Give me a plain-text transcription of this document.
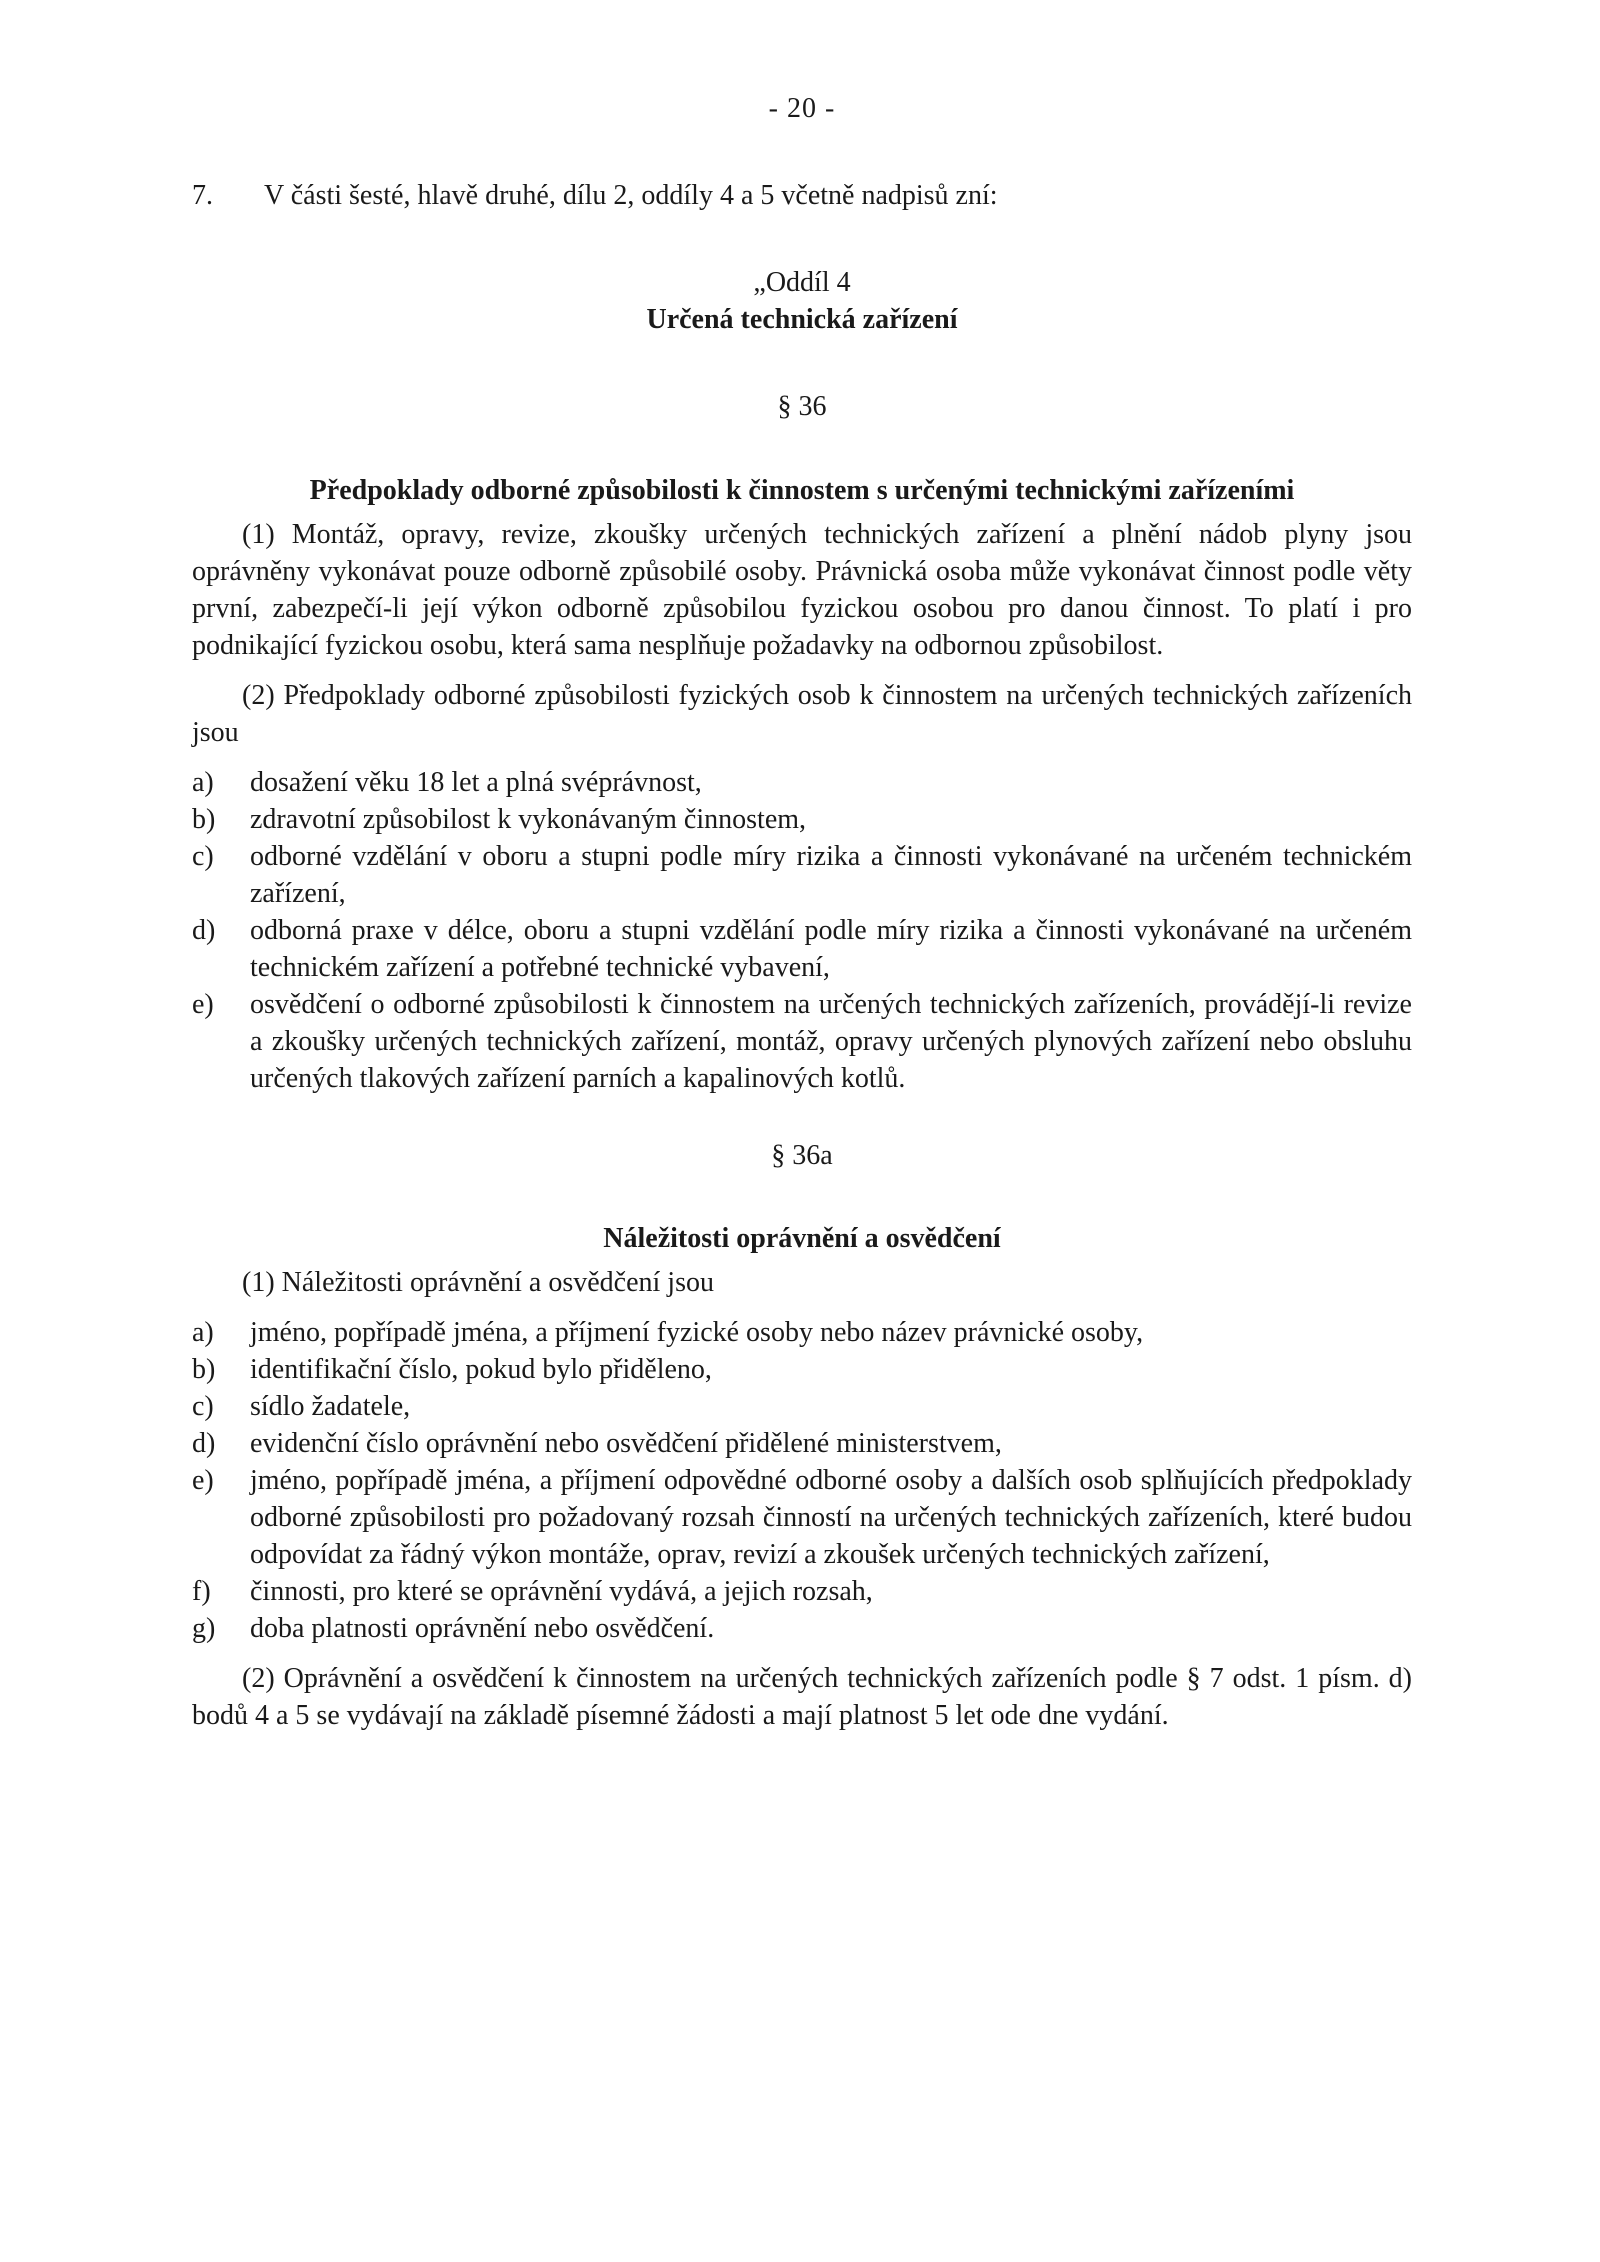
- 20 -
7.	V části šesté, hlavě druhé, dílu 2, oddíly 4 a 5 včetně nadpisů zní:
„Oddíl 4
Určená technická zařízení
§ 36
Předpoklady odborné způsobilosti k činnostem s určenými technickými zařízeními

(1) Montáž, opravy, revize, zkoušky určených technických zařízení a plnění nádob plyny jsou oprávněny vykonávat pouze odborně způsobilé osoby. Právnická osoba může vykonávat činnost podle věty první, zabezpečí-li její výkon odborně způsobilou fyzickou osobou pro danou činnost. To platí i pro podnikající fyzickou osobu, která sama nesplňuje požadavky na odbornou způsobilost.

(2) Předpoklady odborné způsobilosti fyzických osob k činnostem na určených technických zařízeních jsou

a)	dosažení věku 18 let a plná svéprávnost,
b)	zdravotní způsobilost k vykonávaným činnostem,
c)	odborné vzdělání v oboru a stupni podle míry rizika a činnosti vykonávané na určeném technickém zařízení,
d)	odborná praxe v délce, oboru a stupni vzdělání podle míry rizika a činnosti vykonávané na určeném technickém zařízení a potřebné technické vybavení,
e)	osvědčení o odborné způsobilosti k činnostem na určených technických zařízeních, provádějí-li revize a zkoušky určených technických zařízení, montáž, opravy určených plynových zařízení nebo obsluhu určených tlakových zařízení parních a kapalinových kotlů.
§ 36a
Náležitosti oprávnění a osvědčení

(1) Náležitosti oprávnění a osvědčení jsou

a)	jméno, popřípadě jména, a příjmení fyzické osoby nebo název právnické osoby,
b)	identifikační číslo, pokud bylo přiděleno,
c)	sídlo žadatele,
d)	evidenční číslo oprávnění nebo osvědčení přidělené ministerstvem,
e)	jméno, popřípadě jména, a příjmení odpovědné odborné osoby a dalších osob splňujících předpoklady odborné způsobilosti pro požadovaný rozsah činností na určených technických zařízeních, které budou odpovídat za řádný výkon montáže, oprav, revizí a zkoušek určených technických zařízení,
f)	činnosti, pro které se oprávnění vydává, a jejich rozsah,
g)	doba platnosti oprávnění nebo osvědčení.

(2) Oprávnění a osvědčení k činnostem na určených technických zařízeních podle § 7 odst. 1 písm. d) bodů 4 a 5 se vydávají na základě písemné žádosti a mají platnost 5 let ode dne vydání.
